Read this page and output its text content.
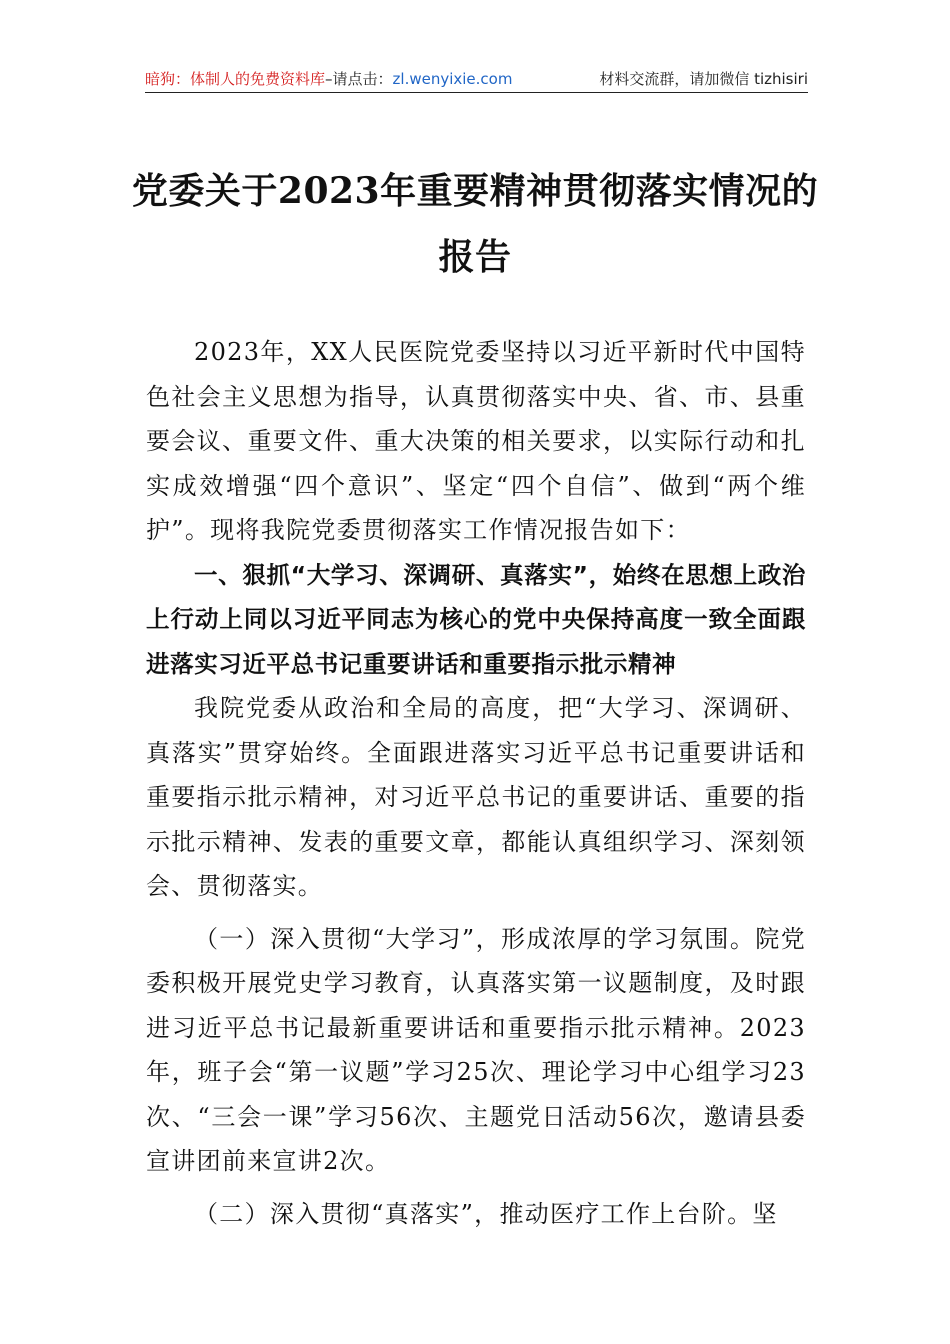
暗狗：体制人的免费资料库–请点击：zl.wenyixie.com	材料交流群，请加微信 tizhisiri
党委关于2023年重要精神贯彻落实情况的报告

2023年，XX人民医院党委坚持以习近平新时代中国特色社会主义思想为指导，认真贯彻落实中央、省、市、县重要会议、重要文件、重大决策的相关要求，以实际行动和扎实成效增强“四个意识”、坚定“四个自信”、做到“两个维护”。现将我院党委贯彻落实工作情况报告如下：

一、狠抓“大学习、深调研、真落实”，始终在思想上政治上行动上同以习近平同志为核心的党中央保持高度一致全面跟进落实习近平总书记重要讲话和重要指示批示精神

我院党委从政治和全局的高度，把“大学习、深调研、真落实”贯穿始终。全面跟进落实习近平总书记重要讲话和重要指示批示精神，对习近平总书记的重要讲话、重要的指示批示精神、发表的重要文章，都能认真组织学习、深刻领会、贯彻落实。

（一）深入贯彻“大学习”，形成浓厚的学习氛围。院党委积极开展党史学习教育，认真落实第一议题制度，及时跟进习近平总书记最新重要讲话和重要指示批示精神。2023年，班子会“第一议题”学习25次、理论学习中心组学习23次、“三会一课”学习56次、主题党日活动56次，邀请县委宣讲团前来宣讲2次。

（二）深入贯彻“真落实”，推动医疗工作上台阶。坚
